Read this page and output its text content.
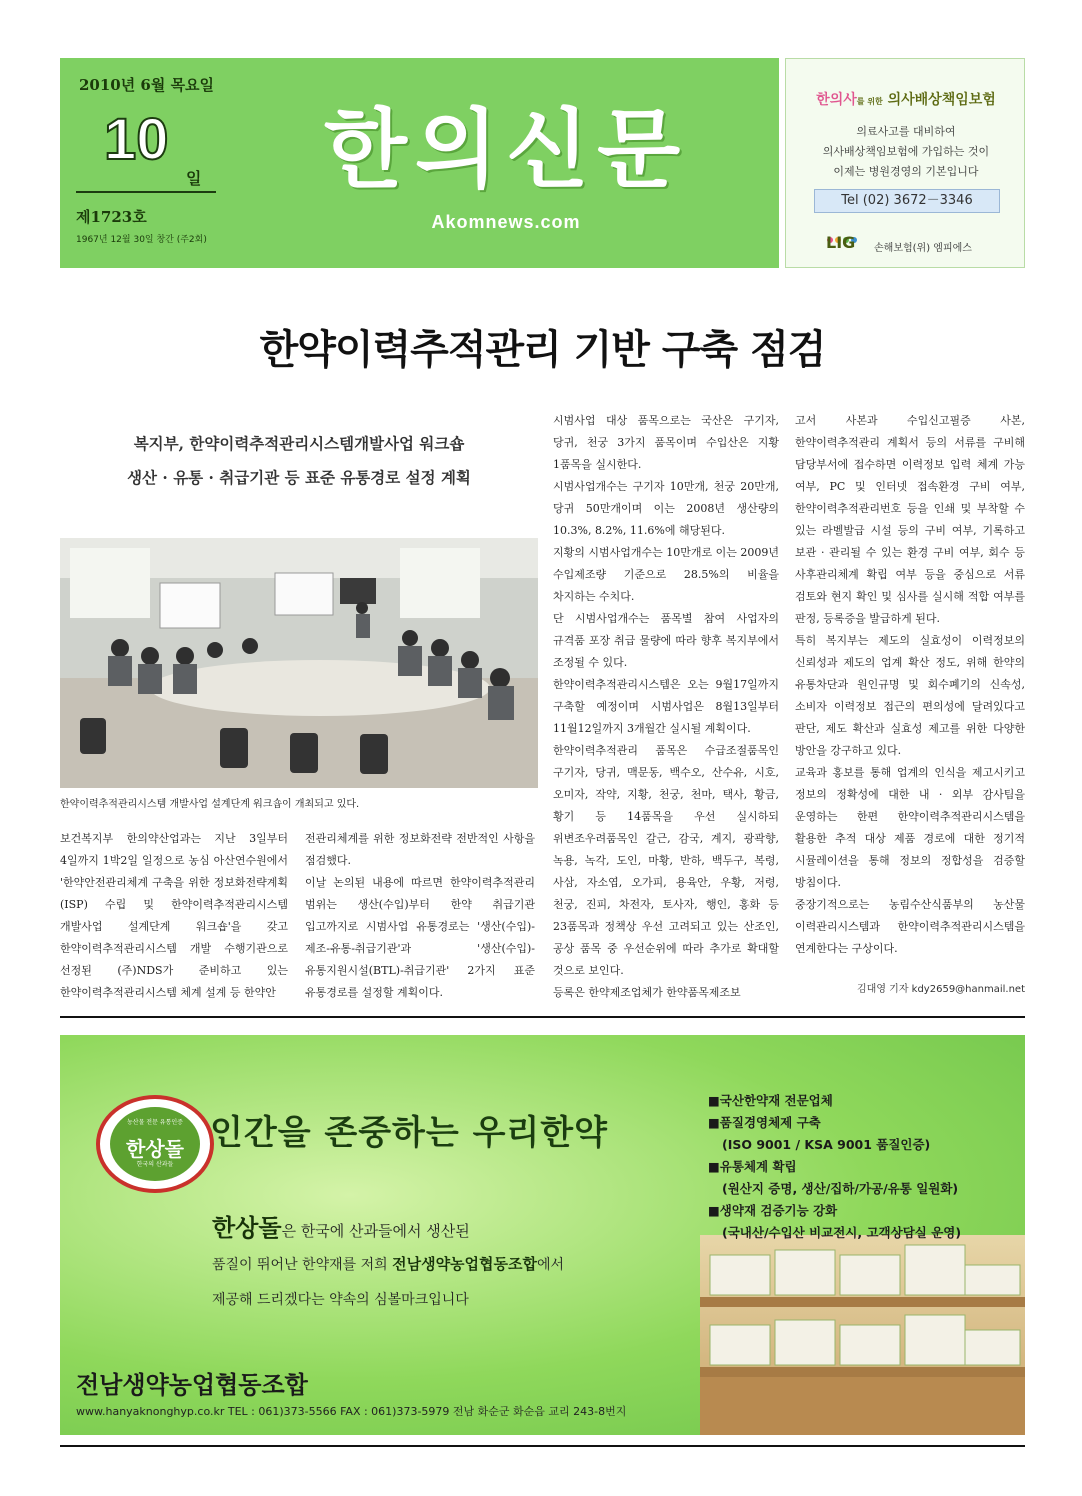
2010년 6월 목요일
10
일
제1723호
1967년 12월 30일 창간 (주2회)
한의신문
Akomnews.com
한의사를 위한 의사배상책임보험
의료사고를 대비하여
의사배상책임보험에 가입하는 것이
이제는 병원경영의 기본입니다
Tel (02) 3672－3346
LIG 손해보험(위) 엠피에스
한약이력추적관리 기반 구축 점검
복지부, 한약이력추적관리시스템개발사업 워크숍
생산 · 유통 · 취급기관 등 표준 유통경로 설정 계획
한약이력추적관리시스템 개발사업 설계단계 워크숍이 개최되고 있다.
보건복지부 한의약산업과는 지난 3일부터 4일까지 1박2일 일정으로 농심 아산연수원에서 '한약안전관리체계 구축을 위한 정보화전략계획(ISP) 수립 및 한약이력추적관리시스템 개발사업 설계단계 워크숍'을 갖고 한약이력추적관리시스템 개발 수행기관으로 선정된 (주)NDS가 준비하고 있는 한약이력추적관리시스템 체계 설계 등 한약안
전관리체계를 위한 정보화전략 전반적인 사항을 점검했다.
이날 논의된 내용에 따르면 한약이력추적관리 범위는 생산(수입)부터 한약 취급기관 입고까지로 시범사업 유통경로는 '생산(수입)-제조-유통-취급기관'과 '생산(수입)-유통지원시설(BTL)-취급기관' 2가지 표준 유통경로를 설정할 계획이다.
시범사업 대상 품목으로는 국산은 구기자, 당귀, 천궁 3가지 품목이며 수입산은 지황 1품목을 실시한다.
시범사업개수는 구기자 10만개, 천궁 20만개, 당귀 50만개이며 이는 2008년 생산량의 10.3%, 8.2%, 11.6%에 해당된다.
지황의 시범사업개수는 10만개로 이는 2009년 수입제조량 기준으로 28.5%의 비율을 차지하는 수치다.
단 시범사업개수는 품목별 참여 사업자의 규격품 포장 취급 물량에 따라 향후 복지부에서 조정될 수 있다.
한약이력추적관리시스템은 오는 9월17일까지 구축할 예정이며 시범사업은 8월13일부터 11월12일까지 3개월간 실시될 계획이다.
한약이력추적관리 품목은 수급조절품목인 구기자, 당귀, 맥문동, 백수오, 산수유, 시호, 오미자, 작약, 지황, 천궁, 천마, 택사, 황금, 황기 등 14품목을 우선 실시하되 위변조우려품목인 갈근, 감국, 계지, 광곽향, 녹용, 녹각, 도인, 마황, 반하, 백두구, 복령, 사삼, 자소엽, 오가피, 용육안, 우황, 저령, 천궁, 진피, 차전자, 토사자, 행인, 홍화 등 23품목과 정책상 우선 고려되고 있는 산조인, 공상 품목 중 우선순위에 따라 추가로 확대할 것으로 보인다.
등록은 한약제조업체가 한약품목제조보
고서 사본과 수입신고필증 사본, 한약이력추적관리 계획서 등의 서류를 구비해 담당부서에 접수하면 이력정보 입력 체계 가능 여부, PC 및 인터넷 접속환경 구비 여부, 한약이력추적관리번호 등을 인쇄 및 부착할 수 있는 라벨발급 시설 등의 구비 여부, 기록하고 보관 · 관리될 수 있는 환경 구비 여부, 회수 등 사후관리체계 확립 여부 등을 중심으로 서류 검토와 현지 확인 및 심사를 실시해 적합 여부를 판정, 등록증을 발급하게 된다.
특히 복지부는 제도의 실효성이 이력정보의 신뢰성과 제도의 업계 확산 정도, 위해 한약의 유통차단과 원인규명 및 회수폐기의 신속성, 소비자 이력정보 접근의 편의성에 달려있다고 판단, 제도 확산과 실효성 제고를 위한 다양한 방안을 강구하고 있다.
교육과 홍보를 통해 업계의 인식을 제고시키고 정보의 정확성에 대한 내 · 외부 감사팀을 운영하는 한편 한약이력추적관리시스템을 활용한 추적 대상 제품 경로에 대한 정기적 시뮬레이션을 통해 정보의 정합성을 검증할 방침이다.
중장기적으로는 농림수산식품부의 농산물 이력관리시스템과 한약이력추적관리시스템을 연계한다는 구상이다.
김대영 기자 kdy2659@hanmail.net
농산물 전문 유통인증
한상돌
한국의 산과들
인간을 존중하는 우리한약
한상돌은 한국에 산과들에서 생산된
품질이 뛰어난 한약재를 저희 전남생약농업협동조합에서
제공해 드리겠다는 약속의 심볼마크입니다
전남생약농업협동조합
www.hanyaknonghyp.co.kr TEL : 061)373-5566 FAX : 061)373-5979 전남 화순군 화순읍 교리 243-8번지
■국산한약재 전문업체
■품질경영체제 구축
(ISO 9001 / KSA 9001 품질인증)
■유통체계 확립
(원산지 증명, 생산/집하/가공/유통 일원화)
■생약재 검증기능 강화
(국내산/수입산 비교전시, 고객상담실 운영)
